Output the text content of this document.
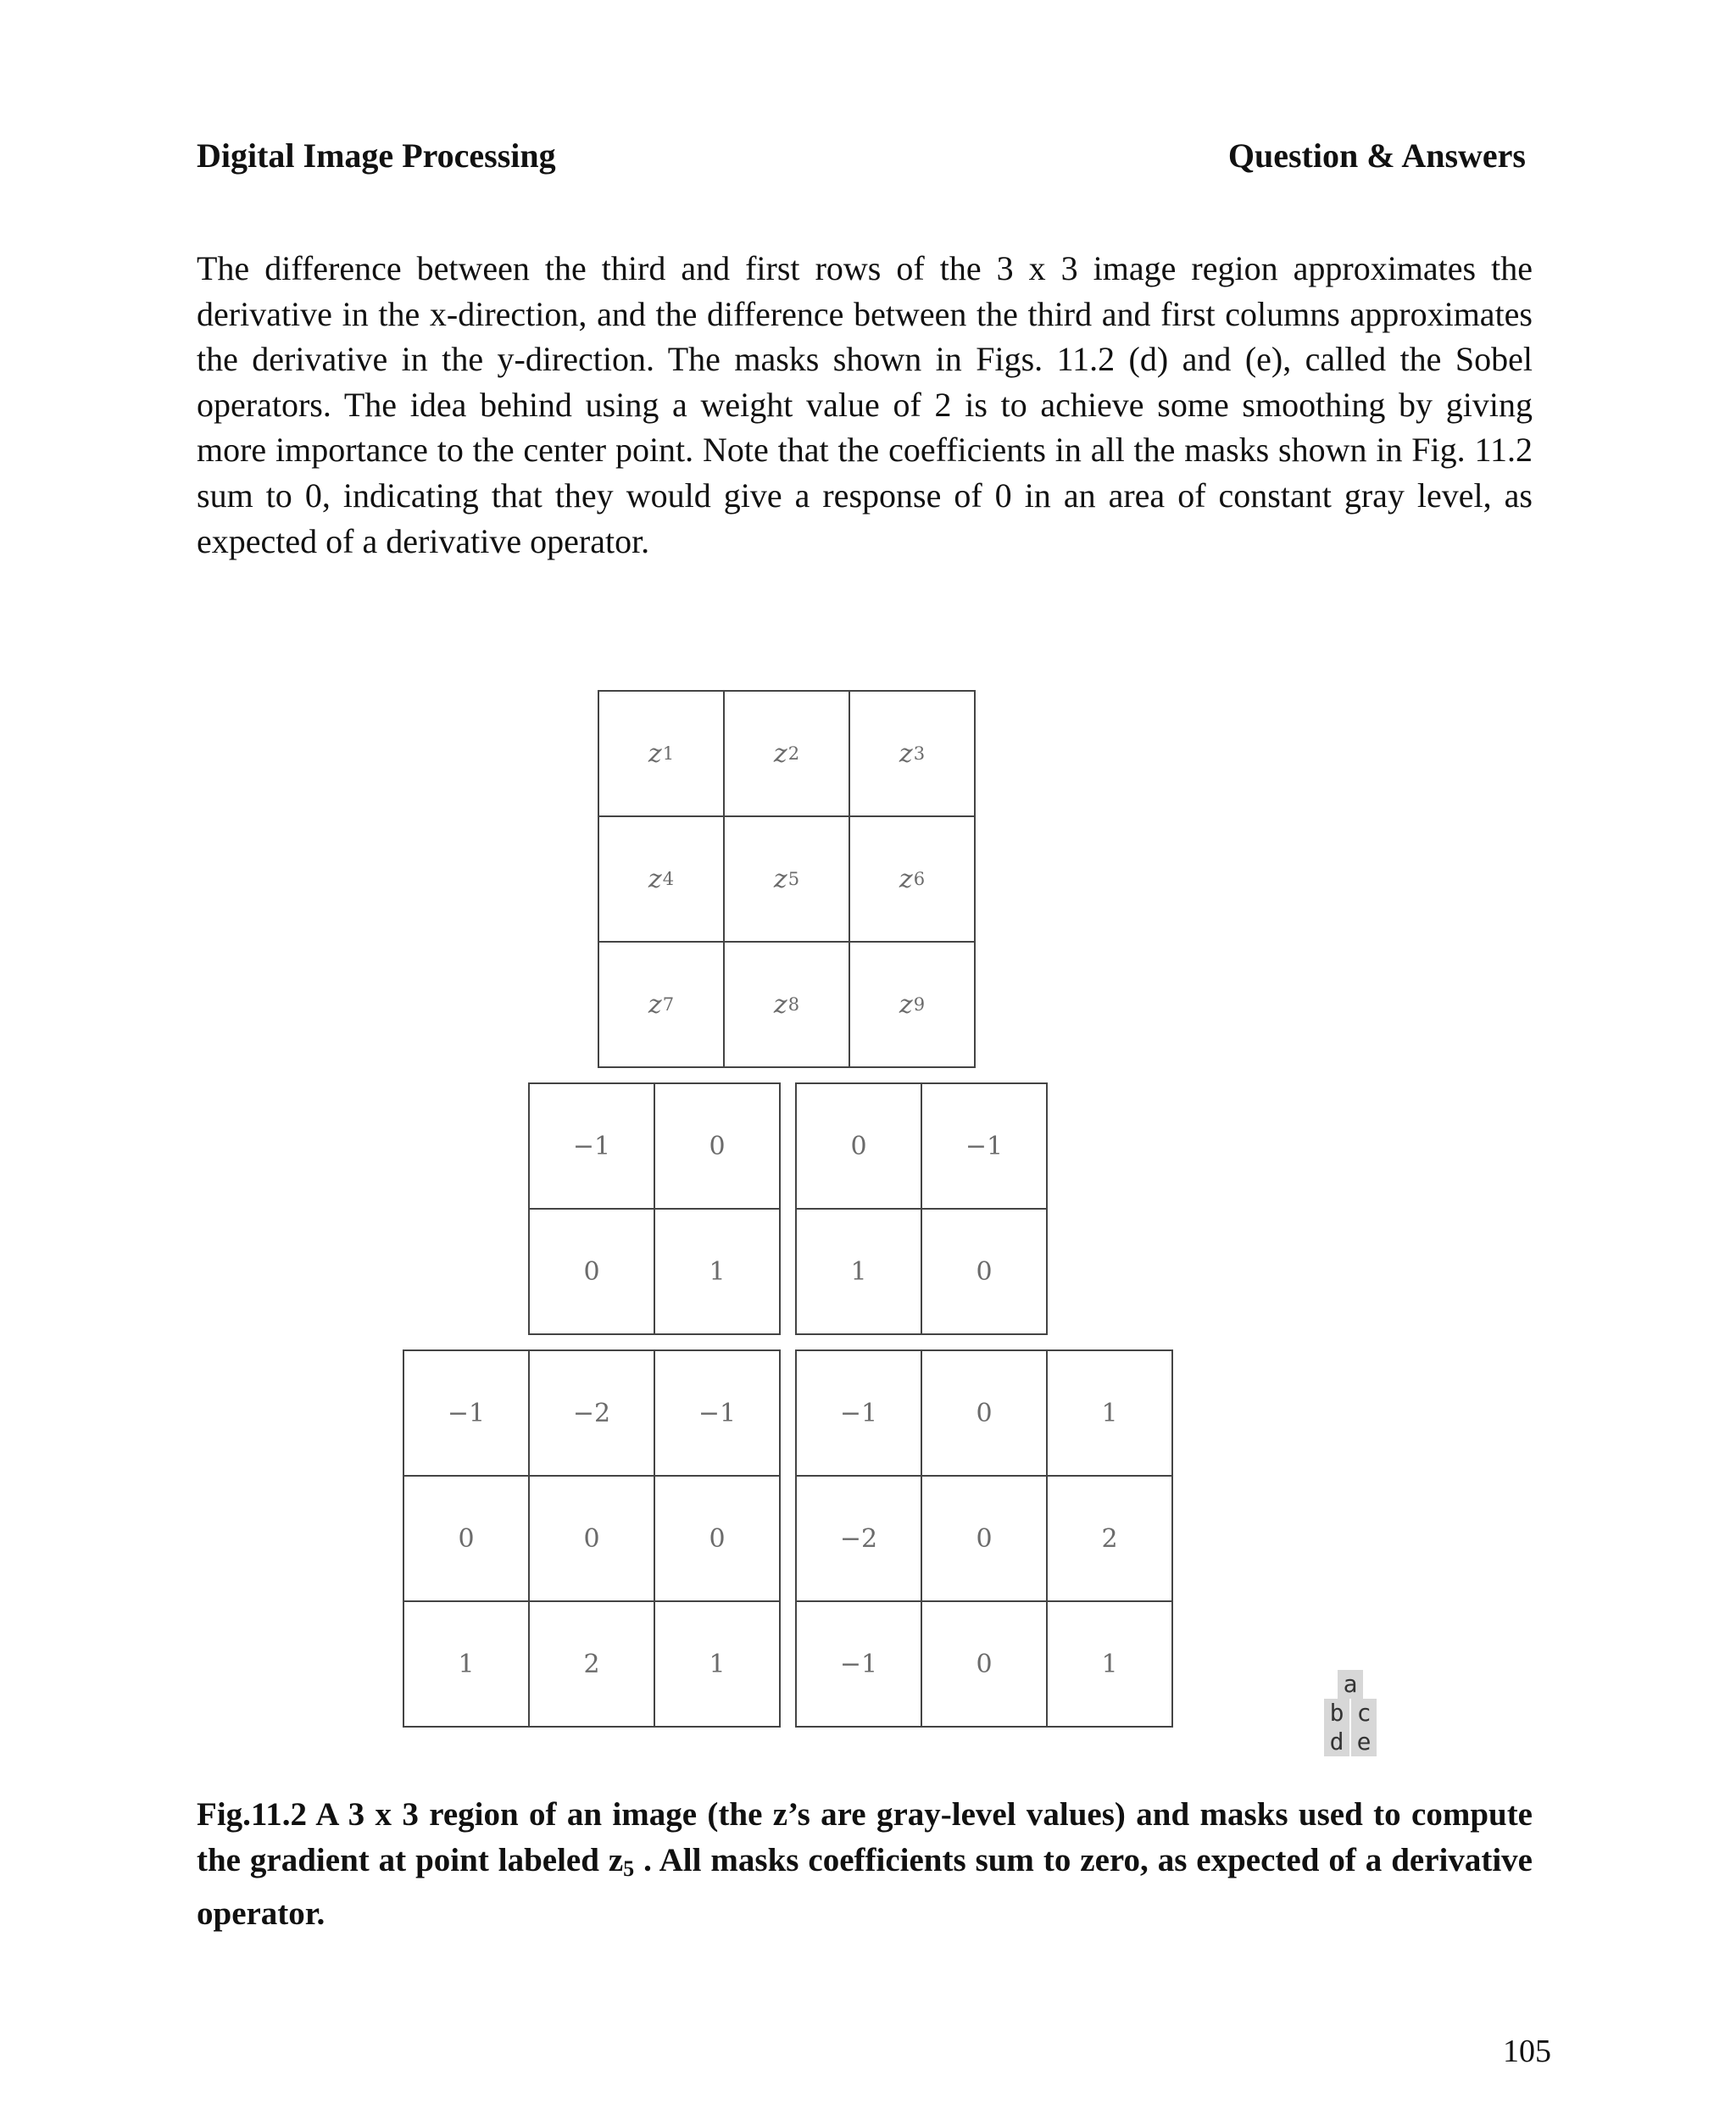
Digital Image Processing	Question & Answers

The difference between the third and first rows of the 3 x 3 image region approximates the derivative in the x-direction, and the difference between the third and first columns approximates the derivative in the y-direction. The masks shown in Figs. 11.2 (d) and (e), called the Sobel operators. The idea behind using a weight value of 2 is to achieve some smoothing by giving more importance to the center point. Note that the coefficients in all the masks shown in Fig. 11.2 sum to 0, indicating that they would give a response of 0 in an area of constant gray level, as expected of a derivative operator.

z 1	z 2	z 3
z 4	z 5	z 6
z 7	z 8	z 9
−1	0
0	1
0	−1
1	0
−1	−2	−1
0	0	0
1	2	1
−1	0	1
−2	0	2
−1	0	1
a
b c
d e

Fig.11.2 A 3 x 3 region of an image (the z’s are gray-level values) and masks used to compute the gradient at point labeled $z_5$ . All masks coefficients sum to zero, as expected of a derivative operator.

105
